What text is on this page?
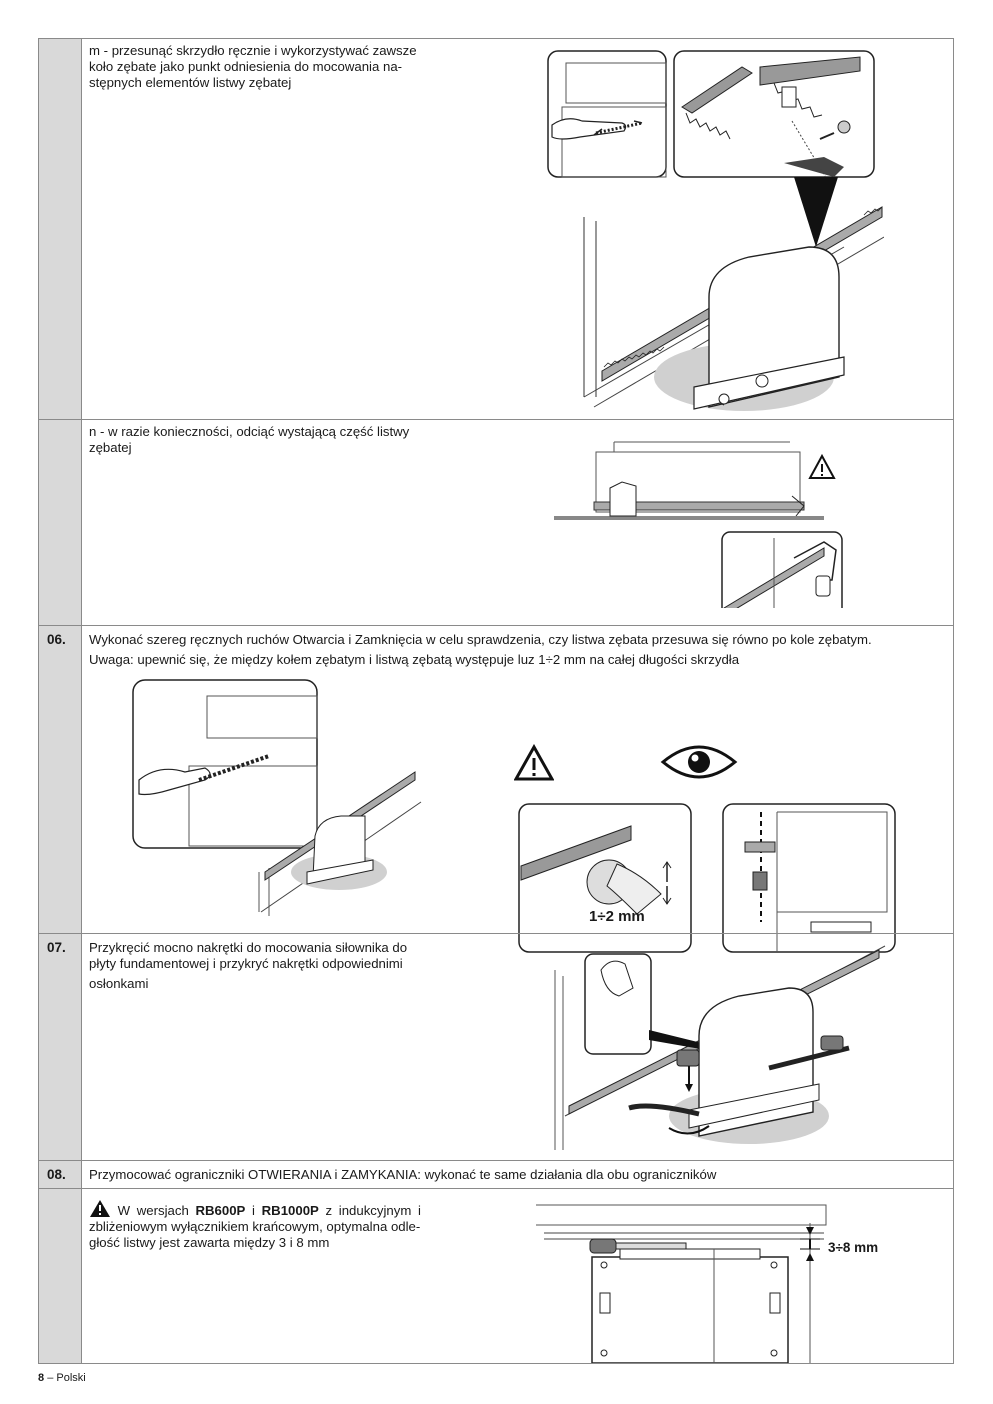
m - przesunąć skrzydło ręcznie i wykorzystywać zawsze
koło zębate jako punkt odniesienia do mocowania na-
stępnych elementów listwy zębatej
n - w razie konieczności, odciąć wystającą część listwy
zębatej
06. Wykonać szereg ręcznych ruchów Otwarcia i Zamknięcia w celu sprawdzenia, czy listwa zębata przesuwa się równo po kole zębatym.
Uwaga: upewnić się, że między kołem zębatym i listwą zębatą występuje luz 1÷2 mm na całej długości skrzydła
1÷2 mm
07. Przykręcić mocno nakrętki do mocowania siłownika do
płyty fundamentowej i przykryć nakrętki odpowiednimi
osłonkami
08. Przymocować ograniczniki OTWIERANIA i ZAMYKANIA: wykonać te same działania dla obu ograniczników
W wersjach RB600P i RB1000P z indukcyjnym i
zbliżeniowym wyłącznikiem krańcowym, optymalna odle-
głość listwy jest zawarta między 3 i 8 mm	3÷8 mm
8 – Polski
